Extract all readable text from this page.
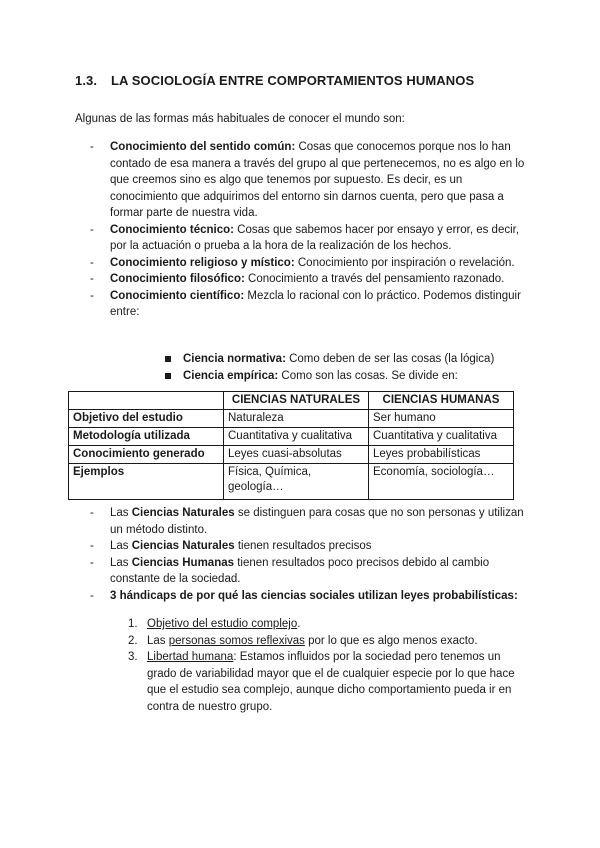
1.3. LA SOCIOLOGÍA ENTRE COMPORTAMIENTOS HUMANOS
Algunas de las formas más habituales de conocer el mundo son:

- Conocimiento del sentido común: Cosas que conocemos porque nos lo han contado de esa manera a través del grupo al que pertenecemos, no es algo en lo que creemos sino es algo que tenemos por supuesto. Es decir, es un conocimiento que adquirimos del entorno sin darnos cuenta, pero que pasa a formar parte de nuestra vida.

- Conocimiento técnico: Cosas que sabemos hacer por ensayo y error, es decir, por la actuación o prueba a la hora de la realización de los hechos.

- Conocimiento religioso y místico: Conocimiento por inspiración o revelación.

- Conocimiento filosófico: Conocimiento a través del pensamiento razonado.

- Conocimiento científico: Mezcla lo racional con lo práctico. Podemos distinguir entre:

Ciencia normativa: Como deben de ser las cosas (la lógica)
Ciencia empírica: Como son las cosas. Se divide en:
	CIENCIAS NATURALES	CIENCIAS HUMANAS
Objetivo del estudio	Naturaleza	Ser humano
Metodología utilizada	Cuantitativa y cualitativa	Cuantitativa y cualitativa
Conocimiento generado	Leyes cuasi-absolutas	Leyes probabilísticas
Ejemplos	Física, Química, geología…	Economía, sociología…

- Las Ciencias Naturales se distinguen para cosas que no son personas y utilizan un método distinto.

- Las Ciencias Naturales tienen resultados precisos

- Las Ciencias Humanas tienen resultados poco precisos debido al cambio constante de la sociedad.

- 3 hándicaps de por qué las ciencias sociales utilizan leyes probabilísticas:

1. Objetivo del estudio complejo.
2. Las personas somos reflexivas por lo que es algo menos exacto.
3. Libertad humana: Estamos influidos por la sociedad pero tenemos un grado de variabilidad mayor que el de cualquier especie por lo que hace que el estudio sea complejo, aunque dicho comportamiento pueda ir en contra de nuestro grupo.
